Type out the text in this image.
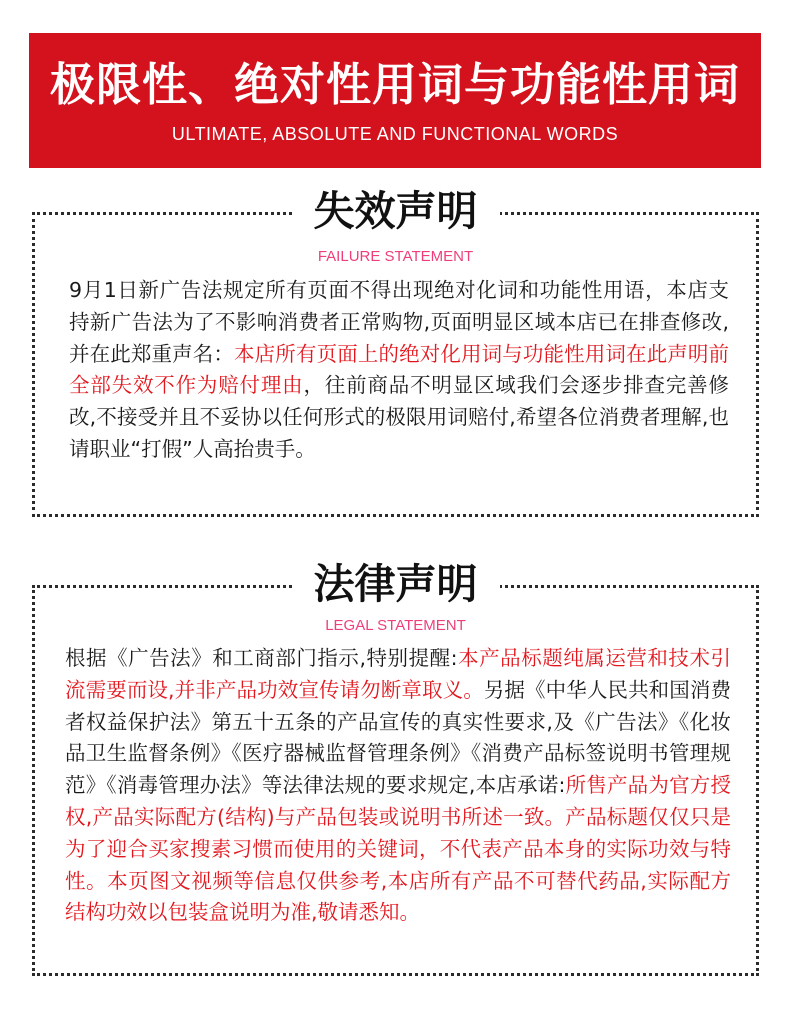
极限性、绝对性用词与功能性用词
ULTIMATE, ABSOLUTE AND FUNCTIONAL WORDS
失效声明
FAILURE STATEMENT
9月1日新广告法规定所有页面不得出现绝对化词和功能性用语，本店支持新广告法为了不影响消费者正常购物,页面明显区域本店已在排查修改,并在此郑重声名：本店所有页面上的绝对化用词与功能性用词在此声明前全部失效不作为赔付理由，往前商品不明显区域我们会逐步排查完善修改,不接受并且不妥协以任何形式的极限用词赔付,希望各位消费者理解,也请职业“打假”人高抬贵手。
法律声明
LEGAL STATEMENT
根据《广告法》和工商部门指示,特别提醒:本产品标题纯属运营和技术引流需要而设,并非产品功效宣传请勿断章取义。另据《中华人民共和国消费者权益保护法》第五十五条的产品宣传的真实性要求,及《广告法》《化妆品卫生监督条例》《医疗器械监督管理条例》《消费产品标签说明书管理规范》《消毒管理办法》等法律法规的要求规定,本店承诺:所售产品为官方授权,产品实际配方(结构)与产品包装或说明书所述一致。产品标题仅仅只是为了迎合买家搜素习惯而使用的关键词，不代表产品本身的实际功效与特性。本页图文视频等信息仅供参考,本店所有产品不可替代药品,实际配方结构功效以包装盒说明为准,敬请悉知。
